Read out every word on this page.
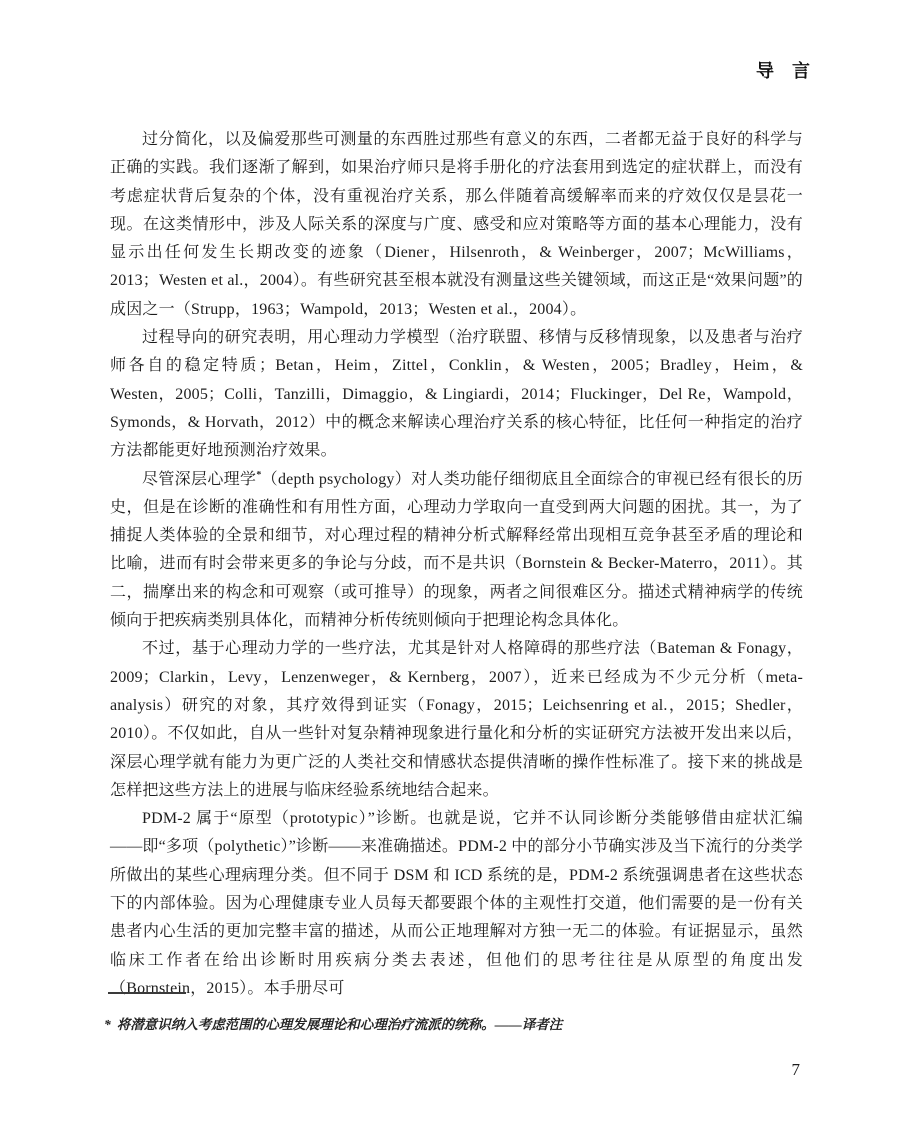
导　言

过分简化，以及偏爱那些可测量的东西胜过那些有意义的东西，二者都无益于良好的科学与正确的实践。我们逐渐了解到，如果治疗师只是将手册化的疗法套用到选定的症状群上，而没有考虑症状背后复杂的个体，没有重视治疗关系，那么伴随着高缓解率而来的疗效仅仅是昙花一现。在这类情形中，涉及人际关系的深度与广度、感受和应对策略等方面的基本心理能力，没有显示出任何发生长期改变的迹象（Diener，Hilsenroth，& Weinberger，2007；McWilliams，2013；Westen et al.，2004）。有些研究甚至根本就没有测量这些关键领域，而这正是“效果问题”的成因之一（Strupp，1963；Wampold，2013；Westen et al.，2004）。

过程导向的研究表明，用心理动力学模型（治疗联盟、移情与反移情现象，以及患者与治疗师各自的稳定特质；Betan，Heim，Zittel，Conklin，& Westen，2005；Bradley，Heim，& Westen，2005；Colli，Tanzilli，Dimaggio，& Lingiardi，2014；Fluckinger，Del Re，Wampold，Symonds，& Horvath，2012）中的概念来解读心理治疗关系的核心特征，比任何一种指定的治疗方法都能更好地预测治疗效果。

尽管深层心理学*（depth psychology）对人类功能仔细彻底且全面综合的审视已经有很长的历史，但是在诊断的准确性和有用性方面，心理动力学取向一直受到两大问题的困扰。其一，为了捕捉人类体验的全景和细节，对心理过程的精神分析式解释经常出现相互竞争甚至矛盾的理论和比喻，进而有时会带来更多的争论与分歧，而不是共识（Bornstein & Becker-Materro，2011）。其二，揣摩出来的构念和可观察（或可推导）的现象，两者之间很难区分。描述式精神病学的传统倾向于把疾病类别具体化，而精神分析传统则倾向于把理论构念具体化。

不过，基于心理动力学的一些疗法，尤其是针对人格障碍的那些疗法（Bateman & Fonagy，2009；Clarkin，Levy，Lenzenweger，& Kernberg，2007），近来已经成为不少元分析（meta-analysis）研究的对象，其疗效得到证实（Fonagy，2015；Leichsenring et al.，2015；Shedler，2010）。不仅如此，自从一些针对复杂精神现象进行量化和分析的实证研究方法被开发出来以后，深层心理学就有能力为更广泛的人类社交和情感状态提供清晰的操作性标准了。接下来的挑战是怎样把这些方法上的进展与临床经验系统地结合起来。

PDM-2 属于“原型（prototypic）”诊断。也就是说，它并不认同诊断分类能够借由症状汇编——即“多项（polythetic）”诊断——来准确描述。PDM-2 中的部分小节确实涉及当下流行的分类学所做出的某些心理病理分类。但不同于 DSM 和 ICD 系统的是，PDM-2 系统强调患者在这些状态下的内部体验。因为心理健康专业人员每天都要跟个体的主观性打交道，他们需要的是一份有关患者内心生活的更加完整丰富的描述，从而公正地理解对方独一无二的体验。有证据显示，虽然临床工作者在给出诊断时用疾病分类去表述，但他们的思考往往是从原型的角度出发（Bornstein，2015）。本手册尽可

* 将潜意识纳入考虑范围的心理发展理论和心理治疗流派的统称。——译者注
7
